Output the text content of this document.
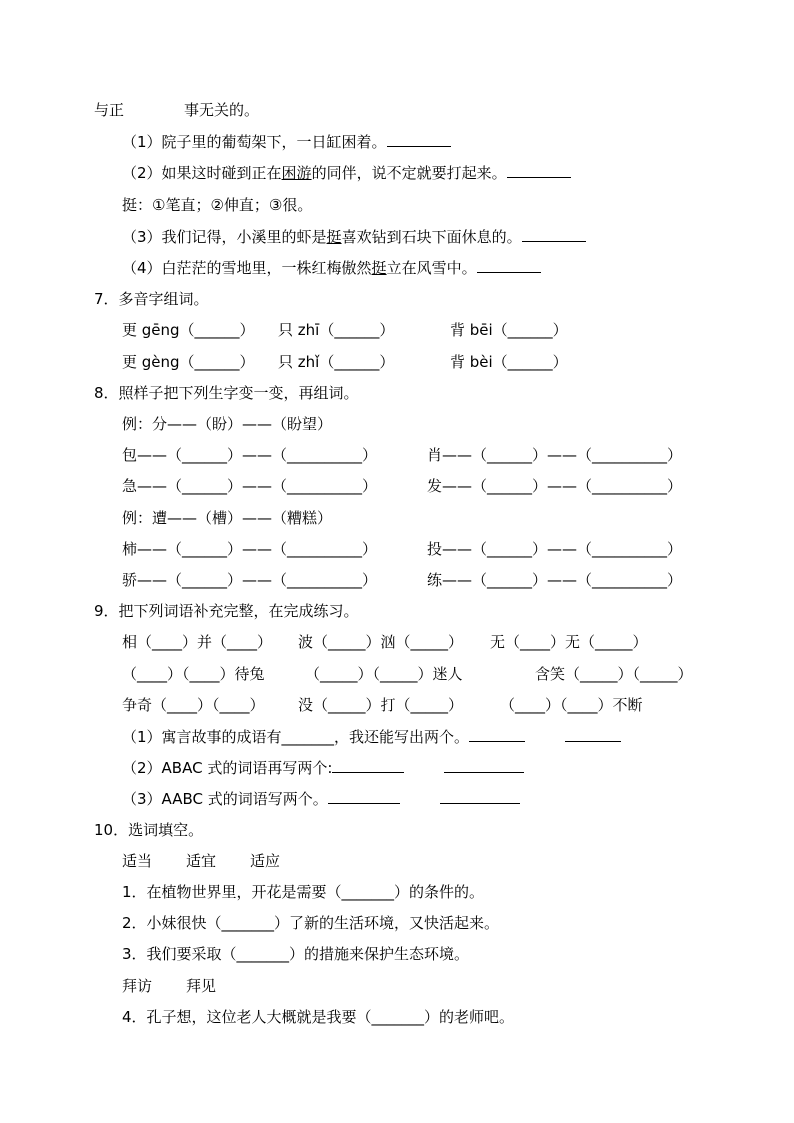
与正　　　　事无关的。
（1）院子里的葡萄架下，一日缸困着。
（2）如果这时碰到正在困游的同伴，说不定就要打起来。
挺：①笔直；②伸直；③很。
（3）我们记得，小溪里的虾是挺喜欢钻到石块下面休息的。
（4）白茫茫的雪地里，一株红梅傲然挺立在风雪中。
7．多音字组词。
更 gēng（______） 只 zhī（______）	背 bēi（______）
更 gèng（______） 只 zhǐ（______）	背 bèi（______）
8．照样子把下列生字变一变，再组词。
例：分——（盼）——（盼望）
包——（______）——（__________）	肖——（______）——（__________）
急——（______）——（__________）	发——（______）——（__________）
例：遭——（槽）——（糟糕）
柿——（______）——（__________）	投——（______）——（__________）
骄——（______）——（__________）	练——（______）——（__________）
9．把下列词语补充完整，在完成练习。
相（____）并（____） 波（_____）汹（_____） 无（____）无（_____）
（____）（____）待兔	（_____）（_____）迷人	含笑（_____）（_____）
争奇（____）（____） 没（_____）打（_____） （____）（____）不断
（1）寓言故事的成语有_______，我还能写出两个。
（2）ABAC 式的词语再写两个:
（3）AABC 式的词语写两个。
10．选词填空。
适当 适宜 适应
1．在植物世界里，开花是需要（_______）的条件的。
2．小妹很快（_______）了新的生活环境，又快活起来。
3．我们要采取（_______）的措施来保护生态环境。
拜访 拜见
4．孔子想，这位老人大概就是我要（_______）的老师吧。
